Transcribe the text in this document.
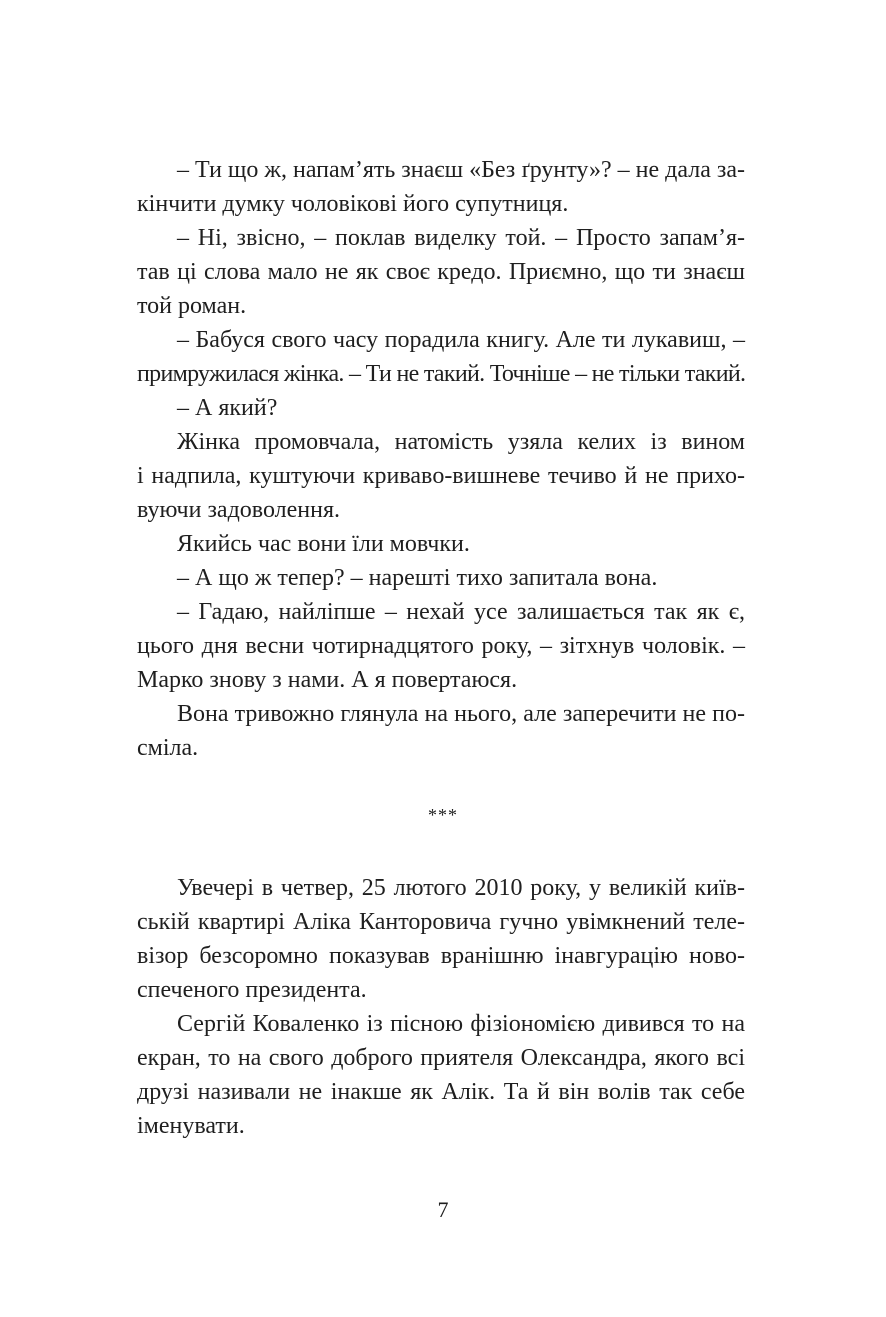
– Ти що ж, напам’ять знаєш «Без ґрунту»? – не дала за-
кінчити думку чоловікові його супутниця.
– Ні, звісно, – поклав виделку той. – Просто запам’я-
тав ці слова мало не як своє кредо. Приємно, що ти знаєш
той роман.
– Бабуся свого часу порадила книгу. Але ти лукавиш, –
примружилася жінка. – Ти не такий. Точніше – не тільки такий.
– А який?
Жінка промовчала, натомість узяла келих із вином
і надпила, куштуючи кривавo-вишневе течиво й не прихо-
вуючи задоволення.
Якийсь час вони їли мовчки.
– А що ж тепер? – нарешті тихо запитала вона.
– Гадаю, найліпше – нехай усе залишається так як є,
цього дня весни чотирнадцятого року, – зітхнув чоловік. –
Марко знову з нами. А я повертаюся.
Вона тривожно глянула на нього, але заперечити не по-
сміла.
***
Увечері в четвер, 25 лютого 2010 року, у великій київ-
ській квартирі Аліка Канторовича гучно увімкнений теле-
візор безсоромно показував вранішню інавгурацію ново-
спеченого президента.
Сергій Коваленко із пісною фізіономією дивився то на
екран, то на свого доброго приятеля Олександра, якого всі
друзі називали не інакше як Алік. Та й він волів так себе
іменувати.
7
